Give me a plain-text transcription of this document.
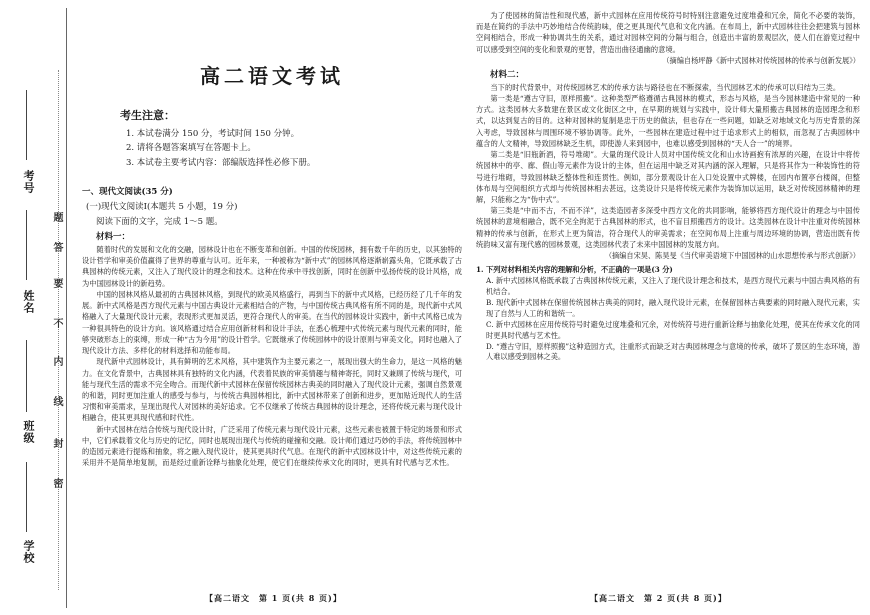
考号
姓名
班级
学校
题
答
要
不
内
线
封
密
高二语文考试
考生注意：
1. 本试卷满分 150 分，考试时间 150 分钟。
2. 请将各题答案填写在答题卡上。
3. 本试卷主要考试内容：部编版选择性必修下册。
一、现代文阅读(35 分)
(一)现代文阅读Ⅰ(本题共 5 小题，19 分)
阅读下面的文字，完成 1～5 题。
材料一：

随着时代的发展和文化的交融，园林设计也在不断变革和创新。中国的传统园林，拥有数千年的历史，以其独特的设计哲学和审美价值赢得了世界的尊重与认可。近年来，一种被称为“新中式”的园林风格逐渐崭露头角，它既承载了古典园林的传统元素，又注入了现代设计的理念和技术。这种在传承中寻找创新，同时在创新中弘扬传统的设计风格，成为中国园林设计的新趋势。

中国的园林风格从最初的古典园林风格，到现代的欧美风格盛行，再到当下的新中式风格，已经历经了几千年的发展。新中式风格是西方现代元素与中国古典设计元素相结合的产物，与中国传统古典风格有所不同的是，现代新中式风格融入了大量现代设计元素，表现形式更加灵活，更符合现代人的审美。在当代的园林设计实践中，新中式风格已成为一种很具特色的设计方向。该风格通过结合应用创新材料和设计手法，在悉心梳理中式传统元素与现代元素的同时，能够突破形态上的束缚，形成一种“古为今用”的设计哲学。它既继承了传统园林中的设计原则与审美文化，同时也融入了现代设计方法、多样化的材料选择和功能布局。

现代新中式园林设计，具有鲜明的艺术风格，其中建筑作为主要元素之一，展现出强大的生命力，是这一风格的魅力。在文化背景中，古典园林具有独特的文化内涵，代表着民族的审美情趣与精神寄托，同时又兼顾了传统与现代，可能与现代生活的需求不完全吻合。而现代新中式园林在保留传统园林古典美的同时融入了现代设计元素，强调自然景观的和谐，同时更加注重人的感受与参与，与传统古典园林相比，新中式园林带来了创新和进步，更加贴近现代人的生活习惯和审美需求，呈现出现代人对园林的美好追求。它不仅继承了传统古典园林的设计理念，还将传统元素与现代设计相融合，使其更具现代感和时代性。

新中式园林在结合传统与现代设计时，广泛采用了传统元素与现代设计元素，这些元素也被置于特定的场景和形式中，它们承载着文化与历史的记忆，同时也展现出现代与传统的碰撞和交融。设计师们通过巧妙的手法，将传统园林中的造园元素进行提炼和抽象，将之融入现代设计，使其更具时代气息。在现代的新中式园林设计中，对这些传统元素的采用并不是简单地复制，而是经过重新诠释与抽象化处理，使它们在继续传承文化的同时，更具有时代感与艺术性。

【高二语文　第 1 页(共 8 页)】

为了使园林的简洁性和现代感，新中式园林在应用传统符号时特别注意避免过度堆叠和冗余，简化不必要的装饰，而是在简约的手法中巧妙地结合传统韵味，使之更具现代气息和文化内涵。在布局上，新中式园林往往会把建筑与园林空间相结合，形成一种协调共生的关系，通过对园林空间的分隔与组合，创造出丰富的景观层次，使人们在游览过程中可以感受到空间的变化和景观的更替，营造出曲径通幽的意境。

（摘编自杨坪静《新中式园林对传统园林的传承与创新发展》）
材料二：

当下的时代背景中，对传统园林艺术的传承方法与路径也在不断探索，当代园林艺术的传承可以归结为三类。

第一类是“遵古守旧，原样照搬”。这种类型严格遵循古典园林的模式，形态与风格，是当今园林建造中常见的一种方式。这类园林大多数建在景区或文化街区之中，在早期的规划与实践中，设计师大量照搬古典园林的造园理念和形式，以达到复古的目的。这种对园林的复制是忠于历史的做法，但也存在一些问题，如缺乏对地域文化与历史背景的深入考虑，导致园林与周围环境不够协调等。此外，一些园林在建造过程中过于追求形式上的相似，而忽视了古典园林中蕴含的人文精神，导致园林缺乏生机，即使游人来到园中，也难以感受到园林的“天人合一”的境界。

第二类是“旧瓶新酒，符号堆砌”。大量的现代设计人员对中国传统文化和山水诗画抱有浓厚的兴趣，在设计中将传统园林中的亭、廊、假山等元素作为设计的主体，但在运用中缺乏对其内涵的深入理解，只是将其作为一种装饰性的符号进行堆砌，导致园林缺乏整体性和连贯性。例如，部分景观设计在入口处设置中式牌楼，在园内布置亭台楼阁，但整体布局与空间组织方式却与传统园林相去甚远，这类设计只是将传统元素作为装饰加以运用，缺乏对传统园林精神的理解，只能称之为“伪中式”。

第三类是“中而不古，不而不洋”，这类造园者多深受中西方文化的共同影响，能够将西方现代设计的理念与中国传统园林的意境相融合，既不完全拘泥于古典园林的形式，也不盲目照搬西方的设计。这类园林在设计中注重对传统园林精神的传承与创新，在形式上更为简洁，符合现代人的审美需求；在空间布局上注重与周边环境的协调，营造出既有传统韵味又富有现代感的园林景观，这类园林代表了未来中国园林的发展方向。

（摘编自宋昊、陈昊旻《当代审美语境下中国园林的山水思想传承与形式创新》）

1. 下列对材料相关内容的理解和分析，不正确的一项是(3 分)

A. 新中式园林风格既承载了古典园林传统元素，又注入了现代设计理念和技术，是西方现代元素与中国古典风格的有机结合。

B. 现代新中式园林在保留传统园林古典美的同时，融入现代设计元素，在保留园林古典要素的同时融入现代元素，实现了自然与人工的和谐统一。

C. 新中式园林在应用传统符号时避免过度堆叠和冗余，对传统符号进行重新诠释与抽象化处理，使其在传承文化的同时更具时代感与艺术性。

D. “遵古守旧，原样照搬”这种造园方式，注重形式而缺乏对古典园林理念与意境的传承，破坏了景区的生态环境，游人难以感受到园林之美。

【高二语文　第 2 页(共 8 页)】
